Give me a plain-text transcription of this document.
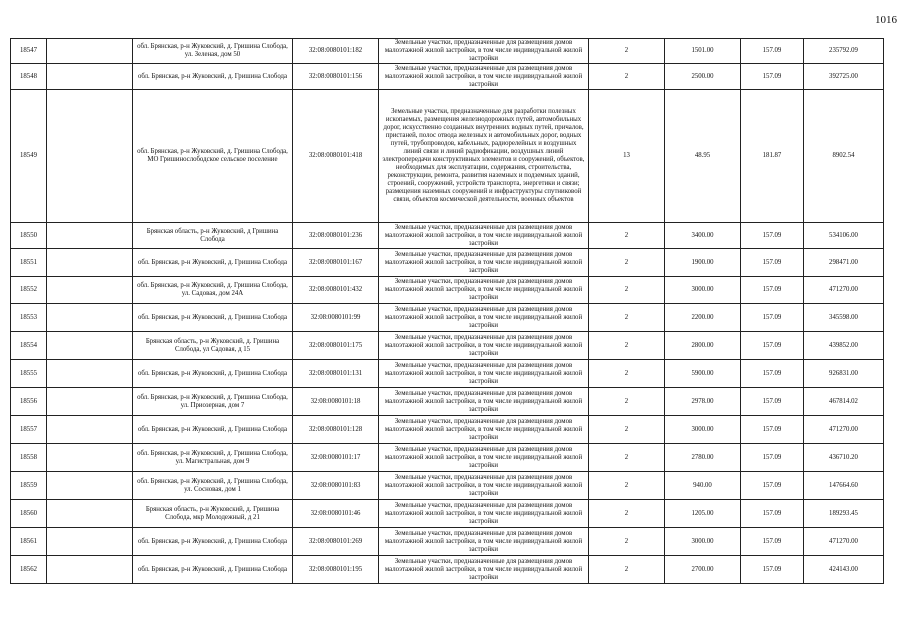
1016
18547		обл. Брянская, р-н Жуковский, д. Гришина Слобода, ул. Зеленая, дом 50	32:08:0080101:182	Земельные участки, предназначенные для размещения домов малоэтажной жилой застройки, в том числе индивидуальной жилой застройки	2	1501.00	157.09	235792.09
18548		обл. Брянская, р-н Жуковский, д. Гришина Слобода	32:08:0080101:156	Земельные участки, предназначенные для размещения домов малоэтажной жилой застройки, в том числе индивидуальной жилой застройки	2	2500.00	157.09	392725.00
18549		обл. Брянская, р-н Жуковский, д. Гришина Слобода, МО Гришинослободское сельское поселение	32:08:0080101:418	Земельные участки, предназначенные для разработки полезных ископаемых, размещения железнодорожных путей, автомобильных дорог, искусственно созданных внутренних водных путей, причалов, пристаней, полос отвода железных и автомобильных дорог, водных путей, трубопроводов, кабельных, радиорелейных и воздушных линий связи и линий радиофикации, воздушных линий электропередачи конструктивных элементов и сооружений, объектов, необходимых для эксплуатации, содержания, строительства, реконструкции, ремонта, развития наземных и подземных зданий, строений, сооружений, устройств транспорта, энергетики и связи; размещения наземных сооружений и инфраструктуры спутниковой связи, объектов космической деятельности, военных объектов	13	48.95	181.87	8902.54
18550		Брянская область, р-н Жуковский, д Гришина Слобода	32:08:0080101:236	Земельные участки, предназначенные для размещения домов малоэтажной жилой застройки, в том числе индивидуальной жилой застройки	2	3400.00	157.09	534106.00
18551		обл. Брянская, р-н Жуковский, д. Гришина Слобода	32:08:0080101:167	Земельные участки, предназначенные для размещения домов малоэтажной жилой застройки, в том числе индивидуальной жилой застройки	2	1900.00	157.09	298471.00
18552		обл. Брянская, р-н Жуковский, д. Гришина Слобода, ул. Садовая, дом 24А	32:08:0080101:432	Земельные участки, предназначенные для размещения домов малоэтажной жилой застройки, в том числе индивидуальной жилой застройки	2	3000.00	157.09	471270.00
18553		обл. Брянская, р-н Жуковский, д. Гришина Слобода	32:08:0080101:99	Земельные участки, предназначенные для размещения домов малоэтажной жилой застройки, в том числе индивидуальной жилой застройки	2	2200.00	157.09	345598.00
18554		Брянская область, р-н Жуковский, д. Гришина Слобода, ул Садовая, д 15	32:08:0080101:175	Земельные участки, предназначенные для размещения домов малоэтажной жилой застройки, в том числе индивидуальной жилой застройки	2	2800.00	157.09	439852.00
18555		обл. Брянская, р-н Жуковский, д. Гришина Слобода	32:08:0080101:131	Земельные участки, предназначенные для размещения домов малоэтажной жилой застройки, в том числе индивидуальной жилой застройки	2	5900.00	157.09	926831.00
18556		обл. Брянская, р-н Жуковский, д. Гришина Слобода, ул. Приозерная, дом 7	32:08:0080101:18	Земельные участки, предназначенные для размещения домов малоэтажной жилой застройки, в том числе индивидуальной жилой застройки	2	2978.00	157.09	467814.02
18557		обл. Брянская, р-н Жуковский, д. Гришина Слобода	32:08:0080101:128	Земельные участки, предназначенные для размещения домов малоэтажной жилой застройки, в том числе индивидуальной жилой застройки	2	3000.00	157.09	471270.00
18558		обл. Брянская, р-н Жуковский, д. Гришина Слобода, ул. Магистральная, дом 9	32:08:0080101:17	Земельные участки, предназначенные для размещения домов малоэтажной жилой застройки, в том числе индивидуальной жилой застройки	2	2780.00	157.09	436710.20
18559		обл. Брянская, р-н Жуковский, д. Гришина Слобода, ул. Сосновая, дом 1	32:08:0080101:83	Земельные участки, предназначенные для размещения домов малоэтажной жилой застройки, в том числе индивидуальной жилой застройки	2	940.00	157.09	147664.60
18560		Брянская область, р-н Жуковский, д. Гришина Слобода, мкр Молодежный, д 21	32:08:0080101:46	Земельные участки, предназначенные для размещения домов малоэтажной жилой застройки, в том числе индивидуальной жилой застройки	2	1205.00	157.09	189293.45
18561		обл. Брянская, р-н Жуковский, д. Гришина Слобода	32:08:0080101:269	Земельные участки, предназначенные для размещения домов малоэтажной жилой застройки, в том числе индивидуальной жилой застройки	2	3000.00	157.09	471270.00
18562		обл. Брянская, р-н Жуковский, д. Гришина Слобода	32:08:0080101:195	Земельные участки, предназначенные для размещения домов малоэтажной жилой застройки, в том числе индивидуальной жилой застройки	2	2700.00	157.09	424143.00
